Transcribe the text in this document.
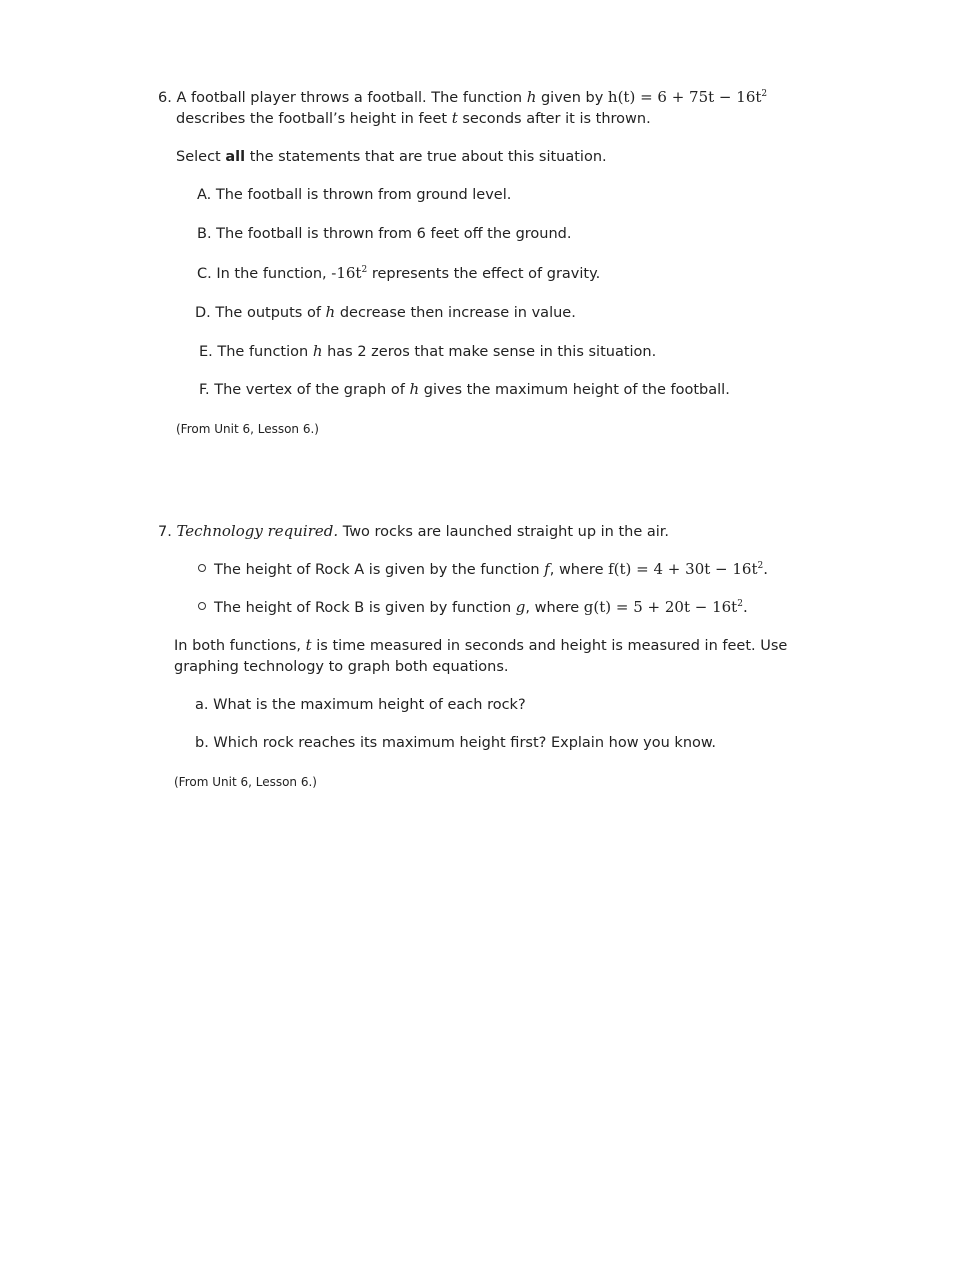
6. A football player throws a football. The function h given by $h(t) = 6 + 75t - 16t^2$
describes the football’s height in feet t seconds after it is thrown.
Select all the statements that are true about this situation.
A. The football is thrown from ground level.
B. The football is thrown from 6 feet off the ground.
C. In the function, $-16t^2$ represents the effect of gravity.
D. The outputs of h decrease then increase in value.
E. The function h has 2 zeros that make sense in this situation.
F. The vertex of the graph of h gives the maximum height of the football.
(From Unit 6, Lesson 6.)
7. Technology required. Two rocks are launched straight up in the air.
The height of Rock A is given by the function f, where $f(t) = 4 + 30t - 16t^2$.
The height of Rock B is given by function g, where $g(t) = 5 + 20t - 16t^2$.
In both functions, t is time measured in seconds and height is measured in feet. Use
graphing technology to graph both equations.
a. What is the maximum height of each rock?
b. Which rock reaches its maximum height first? Explain how you know.
(From Unit 6, Lesson 6.)
